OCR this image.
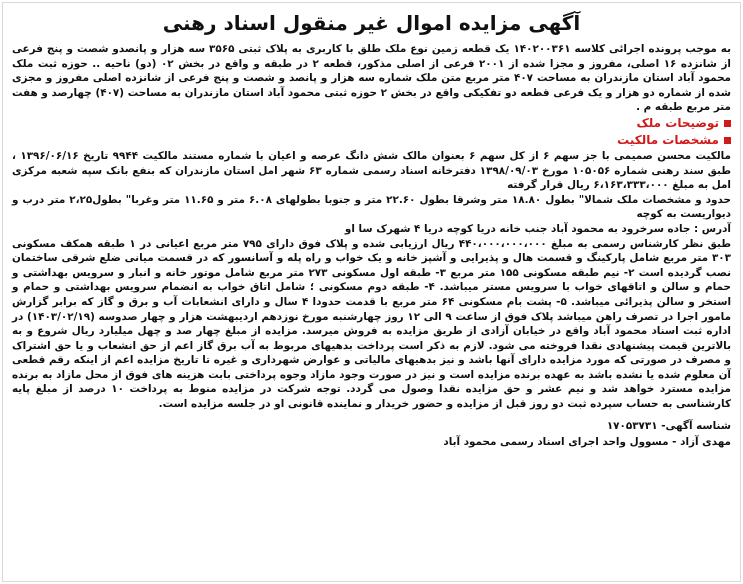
آگهی مزایده اموال غیر منقول اسناد رهنی

به موجب پرونده اجرائی کلاسه ۱۴۰۲۰۰۳۶۱ یک قطعه زمین نوع ملک طلق با کاربری به پلاک ثبتی ۳۵۶۵ سه هزار و پانصدو شصت و پنج فرعی از شانزده ۱۶ اصلی، مفروز و مجزا شده از ۲۰۰۱ فرعی از اصلی مذکور، قطعه ۲ در طبقه و واقع در بخش ۰۲ (دو) ناحیه .. حوزه ثبت ملک محمود آباد استان مازندران به مساحت ۴۰۷ متر مربع متن ملک شماره سه هزار و پانصد و شصت و پنج فرعی از شانزده اصلی مفروز و مجزی شده از شماره دو هزار و یک فرعی قطعه دو تفکیکی واقع در بخش ۲ حوزه ثبتی محمود آباد استان مازندران به مساحت (۴۰۷) چهارصد و هفت متر مربع طبقه م .

توضیحات ملک
مشخصات مالکیت

مالکیت محسن صمیمی با جز سهم ۶ از کل سهم ۶ بعنوان مالک شش دانگ عرصه و اعیان با شماره مستند مالکیت ۹۹۴۴ تاریخ ۱۳۹۶/۰۶/۱۶ ، طبق سند رهنی شماره ۱۰۵۰۵۶ مورخ ۱۳۹۸/۰۹/۰۳ دفترخانه اسناد رسمی شماره ۶۳ شهر امل استان مازندران که بنفع بانک سپه شعبه مرکزی امل به مبلغ ۶،۱۶۳،۳۳۳،۰۰۰ ریال قرار گرفته

حدود و مشخصات ملک شمالا" بطول ۱۸.۸۰ متر وشرقا بطول ۲۲.۶۰ متر و جنوبا بطولهای ۶.۰۸ متر و ۱۱.۶۵ متر وغربا" بطول۲،۲۵ متر درب و دیواریست به کوچه

آدرس : جاده سرخرود به محمود آباد جنب خانه دریا کوچه دریا ۴ شهرک سا او

طبق نظر کارشناس رسمی به مبلغ ۴۴۰،۰۰۰،۰۰۰،۰۰۰ ریال ارزیابی شده و پلاک فوق دارای ۷۹۵ متر مربع اعیانی در ۱ طبقه همکف مسکونی ۳۰۳ متر مربع شامل پارکینگ و قسمت هال و پذیرایی و آشپز خانه و یک خواب و راه پله و آسانسور که در قسمت میانی ضلع شرقی ساختمان نصب گردیده است ۲- نیم طبقه مسکونی ۱۵۵ متر مربع ۳- طبقه اول مسکونی ۲۷۳ متر مربع شامل موتور خانه و انبار و سرویس بهداشتی و حمام و سالن و اتاقهای خواب با سرویس مستر میباشد. ۴- طبقه دوم مسکونی ؛ شامل اتاق خواب به انضمام سرویس بهداشتی و حمام و استخر و سالن پذیرائی میباشد. ۵- پشت بام مسکونی ۶۴ متر مربع با قدمت حدودا ۴ سال و دارای انشعابات آب و برق و گاز که برابر گزارش مامور اجرا در تصرف راهن میباشد پلاک فوق از ساعت ۹ الی ۱۲ روز چهارشنبه مورخ نوزدهم اردیبهشت هزار و چهار صدوسه (۱۴۰۳/۰۲/۱۹) در اداره ثبت اسناد محمود آباد واقع در خیابان آزادی از طریق مزایده به فروش میرسد. مزایده از مبلغ چهار صد و چهل میلیارد ریال شروع و به بالاترین قیمت پیشنهادی نقدا فروخته می شود. لازم به ذکر است پرداخت بدهیهای مربوط به آب برق گاز اعم از حق انشعاب و یا حق اشتراک و مصرف در صورتی که مورد مزایده دارای آنها باشد و نیز بدهیهای مالیاتی و عوارض شهرداری و غیره تا تاریخ مزایده اعم از اینکه رقم قطعی آن معلوم شده یا نشده باشد به عهده برنده مزایده است و نیز در صورت وجود مازاد وجوه پرداختی بابت هزینه های فوق از محل مازاد به برنده مزایده مسترد خواهد شد و نیم عشر و حق مزایده نقدا وصول می گردد. توجه شرکت در مزایده منوط به پرداخت ۱۰ درصد از مبلغ پایه کارشناسی به حساب سپرده ثبت دو روز قبل از مزایده و حضور خریدار و نماینده قانونی او در جلسه مزایده است.

شناسه آگهی- ۱۷۰۵۳۷۳۱
مهدی آزاد - مسوول واحد اجرای اسناد رسمی محمود آباد
